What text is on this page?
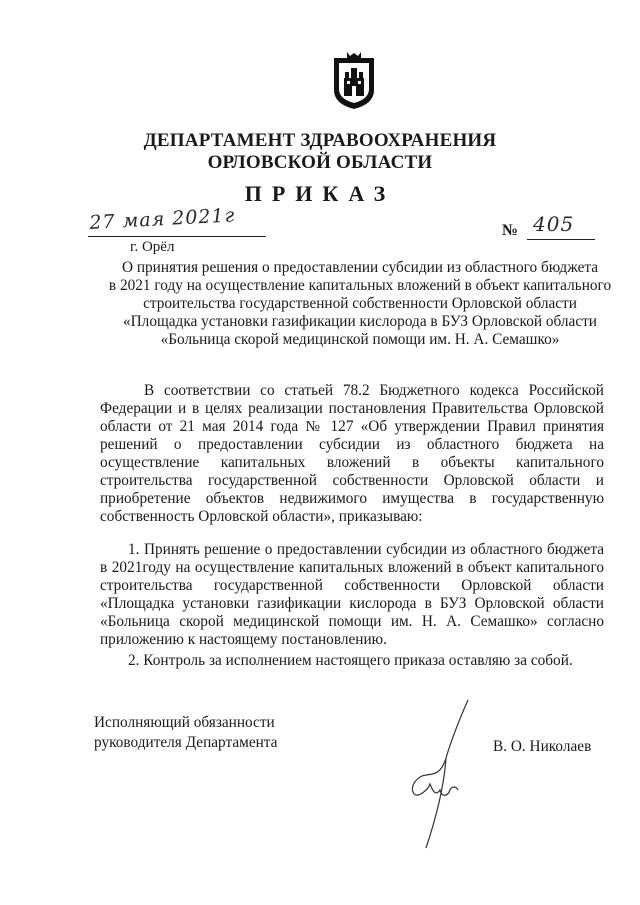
ДЕПАРТАМЕНТ ЗДРАВООХРАНЕНИЯ
ОРЛОВСКОЙ ОБЛАСТИ
ПРИКАЗ
27 мая 2021г	№ 405
г. Орёл
О принятия решения о предоставлении субсидии из областного бюджета
в 2021 году на осуществление капитальных вложений в объект капитального
строительства государственной собственности Орловской области
«Площадка установки газификации кислорода в БУЗ Орловской области
«Больница скорой медицинской помощи им. Н. А. Семашко»
В соответствии со статьей 78.2 Бюджетного кодекса Российской Федерации и в целях реализации постановления Правительства Орловской области от 21 мая 2014 года № 127 «Об утверждении Правил принятия решений о предоставлении субсидии из областного бюджета на осуществление капитальных вложений в объекты капитального строительства государственной собственности Орловской области и приобретение объектов недвижимого имущества в государственную собственность Орловской области», приказываю:
1. Принять решение о предоставлении субсидии из областного бюджета в 2021году на осуществление капитальных вложений в объект капитального строительства государственной собственности Орловской области «Площадка установки газификации кислорода в БУЗ Орловской области «Больница скорой медицинской помощи им. Н. А. Семашко» согласно приложению к настоящему постановлению.
2. Контроль за исполнением настоящего приказа оставляю за собой.
Исполняющий обязанности
руководителя Департамента	В. О. Николаев
